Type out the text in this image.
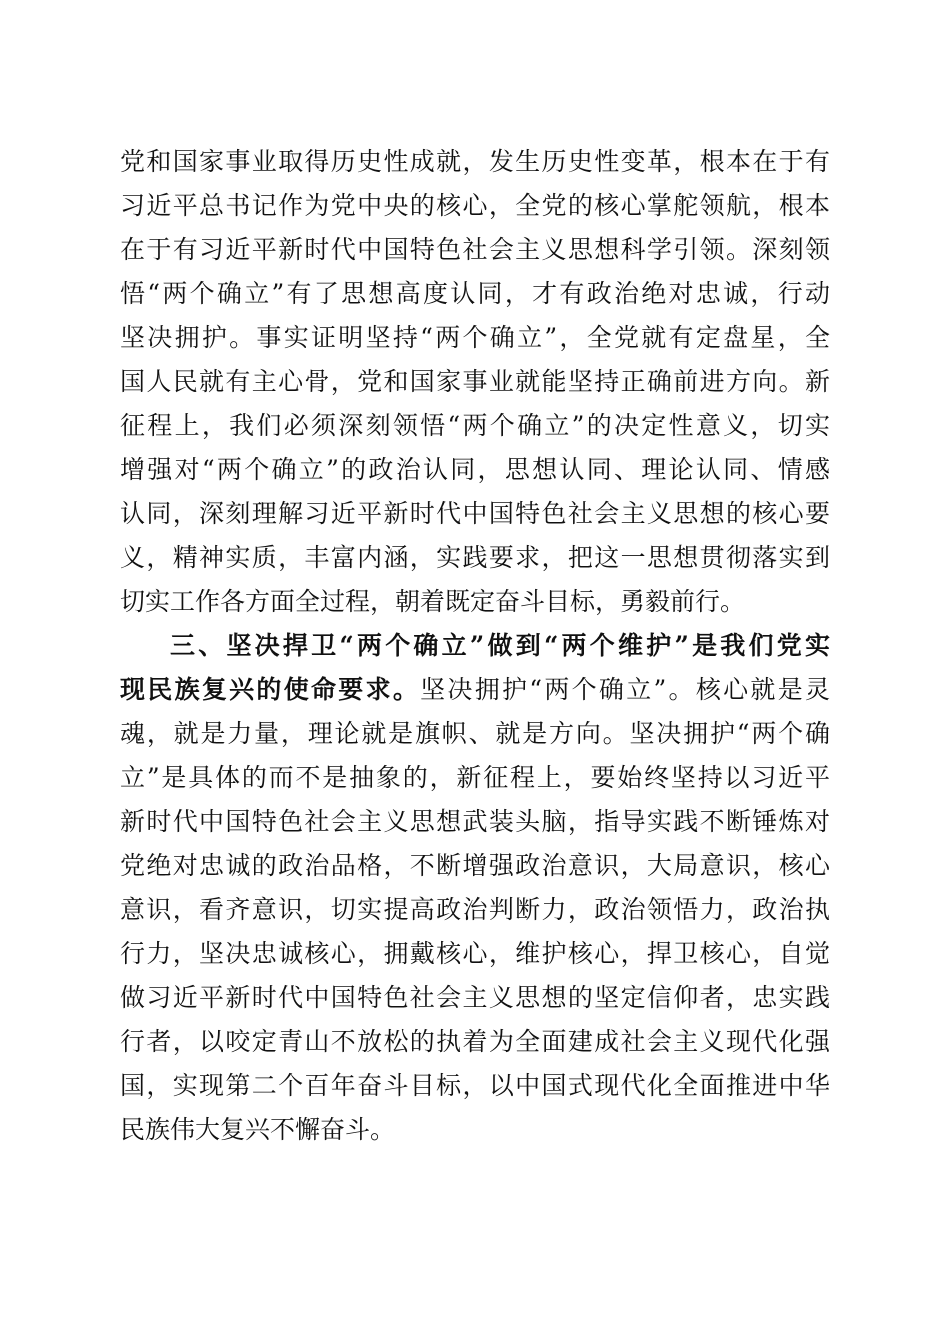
党和国家事业取得历史性成就，发生历史性变革，根本在于有
习近平总书记作为党中央的核心，全党的核心掌舵领航，根本
在于有习近平新时代中国特色社会主义思想科学引领。深刻领
悟“两个确立”有了思想高度认同，才有政治绝对忠诚，行动
坚决拥护。事实证明坚持“两个确立”，全党就有定盘星，全
国人民就有主心骨，党和国家事业就能坚持正确前进方向。新
征程上，我们必须深刻领悟“两个确立”的决定性意义，切实
增强对“两个确立”的政治认同，思想认同、理论认同、情感
认同，深刻理解习近平新时代中国特色社会主义思想的核心要
义，精神实质，丰富内涵，实践要求，把这一思想贯彻落实到
切实工作各方面全过程，朝着既定奋斗目标，勇毅前行。
三、坚决捍卫“两个确立”做到“两个维护”是我们党实
现民族复兴的使命要求。坚决拥护“两个确立”。核心就是灵
魂，就是力量，理论就是旗帜、就是方向。坚决拥护“两个确
立”是具体的而不是抽象的，新征程上，要始终坚持以习近平
新时代中国特色社会主义思想武装头脑，指导实践不断锤炼对
党绝对忠诚的政治品格，不断增强政治意识，大局意识，核心
意识，看齐意识，切实提高政治判断力，政治领悟力，政治执
行力，坚决忠诚核心，拥戴核心，维护核心，捍卫核心，自觉
做习近平新时代中国特色社会主义思想的坚定信仰者，忠实践
行者，以咬定青山不放松的执着为全面建成社会主义现代化强
国，实现第二个百年奋斗目标，以中国式现代化全面推进中华
民族伟大复兴不懈奋斗。
